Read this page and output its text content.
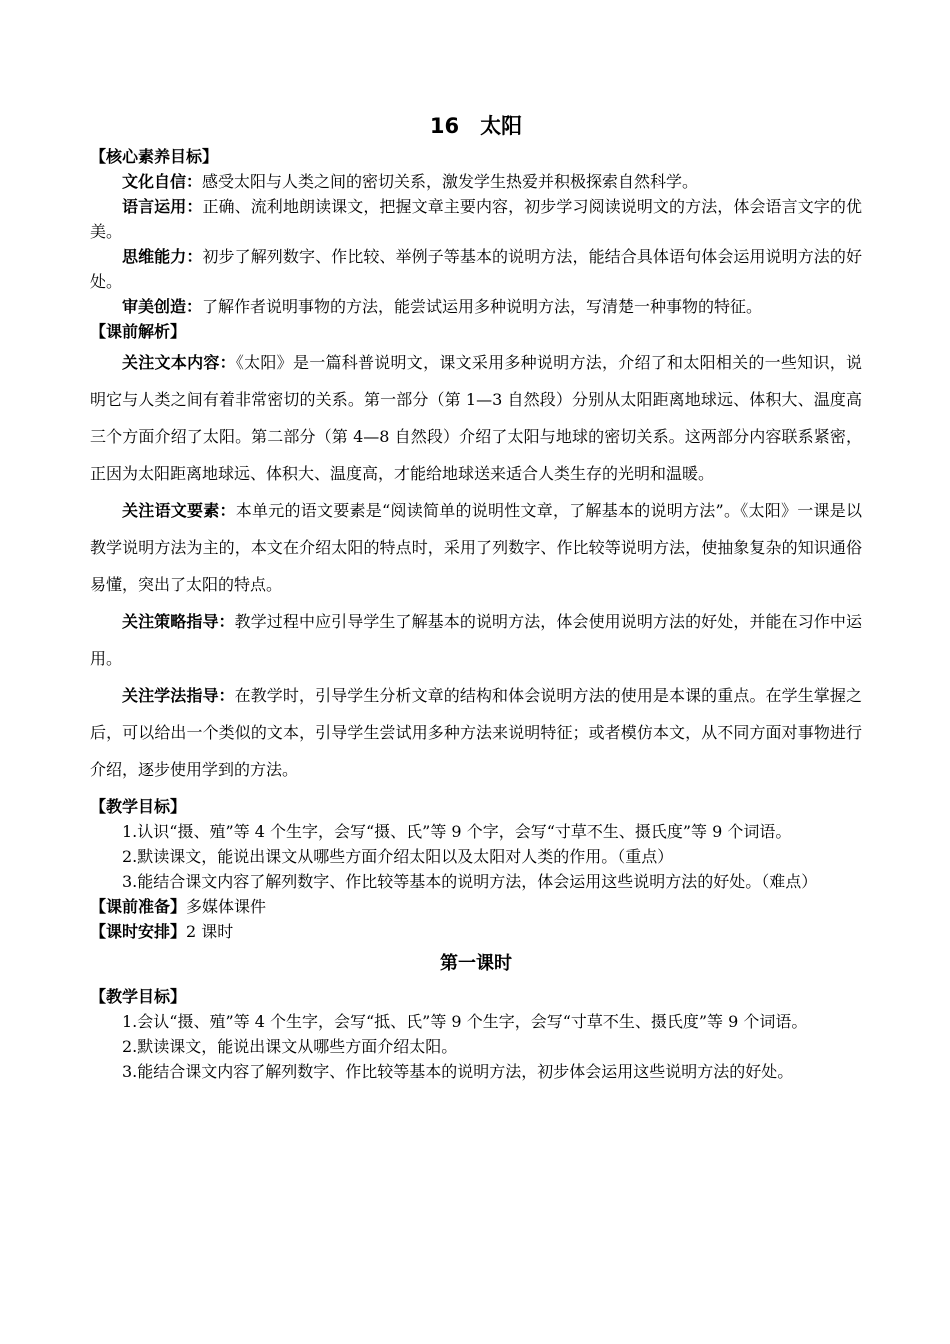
16　太阳
【核心素养目标】

文化自信：感受太阳与人类之间的密切关系，激发学生热爱并积极探索自然科学。

语言运用：正确、流利地朗读课文，把握文章主要内容，初步学习阅读说明文的方法，体会语言文字的优美。

思维能力：初步了解列数字、作比较、举例子等基本的说明方法，能结合具体语句体会运用说明方法的好处。

审美创造：了解作者说明事物的方法，能尝试运用多种说明方法，写清楚一种事物的特征。

【课前解析】

关注文本内容：《太阳》是一篇科普说明文，课文采用多种说明方法，介绍了和太阳相关的一些知识，说明它与人类之间有着非常密切的关系。第一部分（第 1—3 自然段）分别从太阳距离地球远、体积大、温度高三个方面介绍了太阳。第二部分（第 4—8 自然段）介绍了太阳与地球的密切关系。这两部分内容联系紧密，正因为太阳距离地球远、体积大、温度高，才能给地球送来适合人类生存的光明和温暖。

关注语文要素：本单元的语文要素是“阅读简单的说明性文章，了解基本的说明方法”。《太阳》一课是以教学说明方法为主的，本文在介绍太阳的特点时，采用了列数字、作比较等说明方法，使抽象复杂的知识通俗易懂，突出了太阳的特点。

关注策略指导：教学过程中应引导学生了解基本的说明方法，体会使用说明方法的好处，并能在习作中运用。

关注学法指导：在教学时，引导学生分析文章的结构和体会说明方法的使用是本课的重点。在学生掌握之后，可以给出一个类似的文本，引导学生尝试用多种方法来说明特征；或者模仿本文，从不同方面对事物进行介绍，逐步使用学到的方法。

【教学目标】

1.认识“摄、殖”等 4 个生字，会写“摄、氏”等 9 个字，会写“寸草不生、摄氏度”等 9 个词语。

2.默读课文，能说出课文从哪些方面介绍太阳以及太阳对人类的作用。（重点）

3.能结合课文内容了解列数字、作比较等基本的说明方法，体会运用这些说明方法的好处。（难点）

【课前准备】多媒体课件
【课时安排】2 课时
第一课时
【教学目标】

1.会认“摄、殖”等 4 个生字，会写“抵、氏”等 9 个生字，会写“寸草不生、摄氏度”等 9 个词语。

2.默读课文，能说出课文从哪些方面介绍太阳。

3.能结合课文内容了解列数字、作比较等基本的说明方法，初步体会运用这些说明方法的好处。
